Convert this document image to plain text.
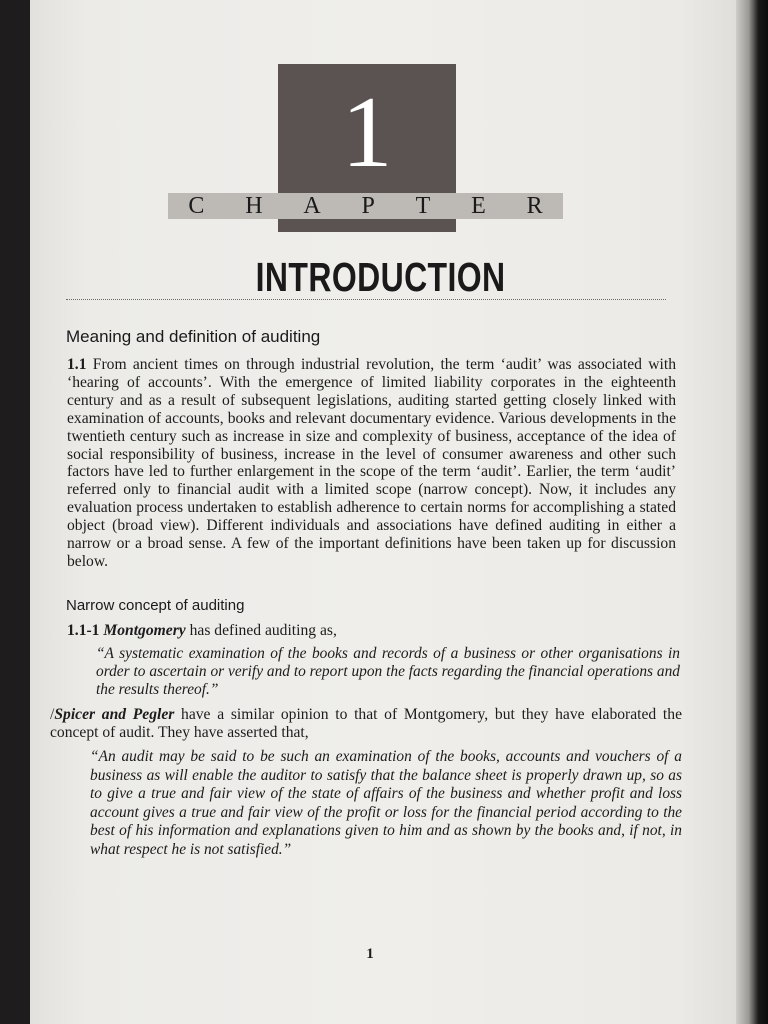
1
C H A P T E R
INTRODUCTION
Meaning and definition of auditing
1.1 From ancient times on through industrial revolution, the term ‘audit’ was associated with ‘hearing of accounts’. With the emergence of limited liability corporates in the eighteenth century and as a result of subsequent legislations, auditing started getting closely linked with examination of accounts, books and relevant documentary evidence. Various developments in the twentieth century such as increase in size and complexity of business, acceptance of the idea of social responsibility of business, increase in the level of consumer awareness and other such factors have led to further enlargement in the scope of the term ‘audit’. Earlier, the term ‘audit’ referred only to financial audit with a limited scope (narrow concept). Now, it includes any evaluation process undertaken to establish adherence to certain norms for accomplishing a stated object (broad view). Different individuals and associations have defined auditing in either a narrow or a broad sense. A few of the important definitions have been taken up for discussion below.
Narrow concept of auditing
1.1-1 Montgomery has defined auditing as,
“A systematic examination of the books and records of a business or other organisations in order to ascertain or verify and to report upon the facts regarding the financial operations and the results thereof.”
/Spicer and Pegler have a similar opinion to that of Montgomery, but they have elaborated the concept of audit. They have asserted that,
“An audit may be said to be such an examination of the books, accounts and vouchers of a business as will enable the auditor to satisfy that the balance sheet is properly drawn up, so as to give a true and fair view of the state of affairs of the business and whether profit and loss account gives a true and fair view of the profit or loss for the financial period according to the best of his information and explanations given to him and as shown by the books and, if not, in what respect he is not satisfied.”
1
